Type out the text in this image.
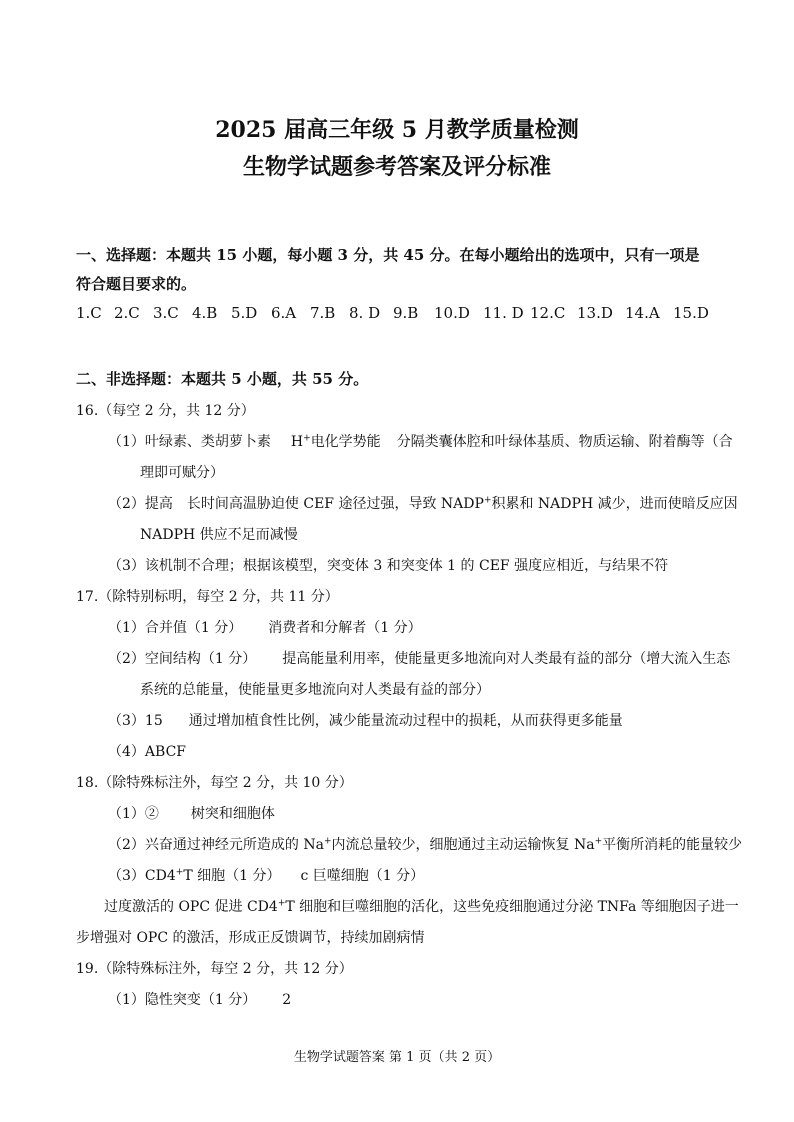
2025 届高三年级 5 月教学质量检测
生物学试题参考答案及评分标准
一、选择题：本题共 15 小题，每小题 3 分，共 45 分。在每小题给出的选项中，只有一项是
符合题目要求的。
1.C 2.C 3.C 4.B 5.D 6.A 7.B 8. D 9.B	10.D 11. D 12.C 13.D 14.A 15.D
二、非选择题：本题共 5 小题，共 55 分。
16.（每空 2 分，共 12 分）
（1）叶绿素、类胡萝卜素 H+电化学势能 分隔类囊体腔和叶绿体基质、物质运输、附着酶等（合
理即可赋分）
（2）提高 长时间高温胁迫使 CEF 途径过强，导致 NADP+积累和 NADPH 减少，进而使暗反应因
NADPH 供应不足而减慢
（3）该机制不合理；根据该模型，突变体 3 和突变体 1 的 CEF 强度应相近，与结果不符
17.（除特别标明，每空 2 分，共 11 分）
（1）合并值（1 分） 消费者和分解者（1 分）
（2）空间结构（1 分） 提高能量利用率，使能量更多地流向对人类最有益的部分（增大流入生态
系统的总能量，使能量更多地流向对人类最有益的部分）
（3）15 通过增加植食性比例，减少能量流动过程中的损耗，从而获得更多能量
（4）ABCF
18.（除特殊标注外，每空 2 分，共 10 分）
（1）② 树突和细胞体
（2）兴奋通过神经元所造成的 Na+内流总量较少，细胞通过主动运输恢复 Na+平衡所消耗的能量较少
（3）CD4+T 细胞（1 分） c 巨噬细胞（1 分）
过度激活的 OPC 促进 CD4+T 细胞和巨噬细胞的活化，这些免疫细胞通过分泌 TNFa 等细胞因子进一
步增强对 OPC 的激活，形成正反馈调节，持续加剧病情
19.（除特殊标注外，每空 2 分，共 12 分）
（1）隐性突变（1 分） 2
生物学试题答案 第 1 页（共 2 页）
